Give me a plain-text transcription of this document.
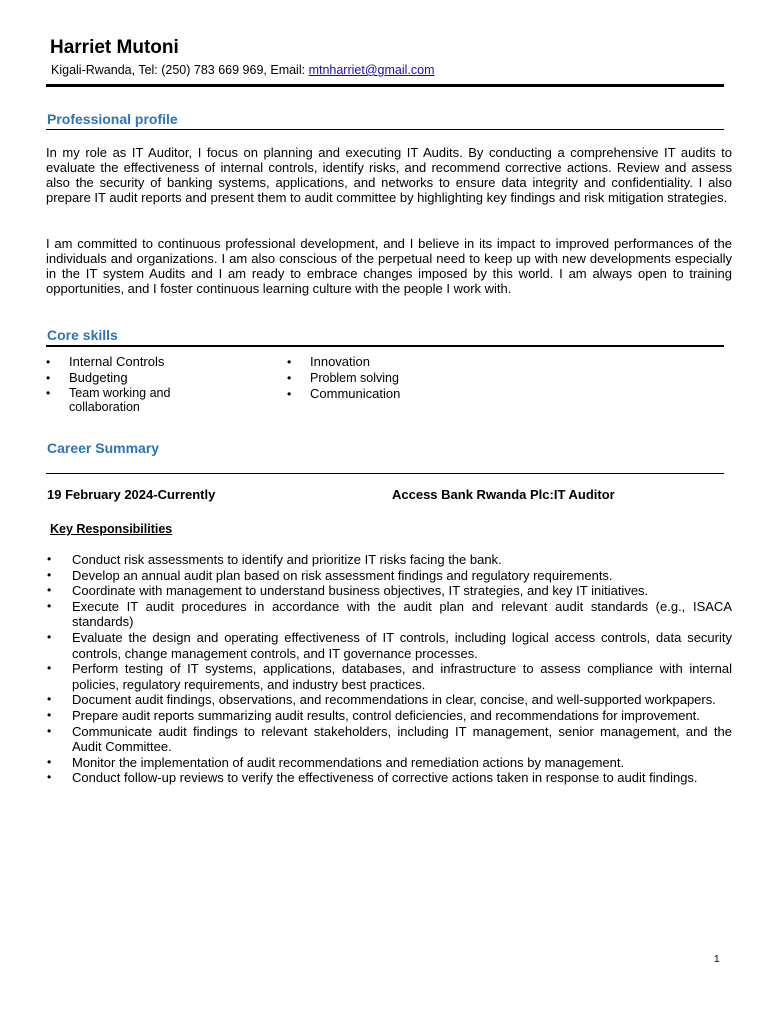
Harriet Mutoni
Kigali-Rwanda, Tel: (250) 783 669 969, Email: mtnharriet@gmail.com
Professional profile

In my role as IT Auditor, I focus on planning and executing IT Audits. By conducting a comprehensive IT audits to evaluate the effectiveness of internal controls, identify risks, and recommend corrective actions. Review and assess also the security of banking systems, applications, and networks to ensure data integrity and confidentiality. I also prepare IT audit reports and present them to audit committee by highlighting key findings and risk mitigation strategies.

I am committed to continuous professional development, and I believe in its impact to improved performances of the individuals and organizations. I am also conscious of the perpetual need to keep up with new developments especially in the IT system Audits and I am ready to embrace changes imposed by this world. I am always open to training opportunities, and I foster continuous learning culture with the people I work with.

Core skills
• Internal Controls
• Budgeting
• Team working and collaboration
• Innovation
• Problem solving
• Communication
Career Summary
19 February 2024-Currently	Access Bank Rwanda Plc:IT Auditor
Key Responsibilities
• Conduct risk assessments to identify and prioritize IT risks facing the bank.
• Develop an annual audit plan based on risk assessment findings and regulatory requirements.
• Coordinate with management to understand business objectives, IT strategies, and key IT initiatives.
• Execute IT audit procedures in accordance with the audit plan and relevant audit standards (e.g., ISACA standards)
• Evaluate the design and operating effectiveness of IT controls, including logical access controls, data security controls, change management controls, and IT governance processes.
• Perform testing of IT systems, applications, databases, and infrastructure to assess compliance with internal policies, regulatory requirements, and industry best practices.
• Document audit findings, observations, and recommendations in clear, concise, and well-supported workpapers.
• Prepare audit reports summarizing audit results, control deficiencies, and recommendations for improvement.
• Communicate audit findings to relevant stakeholders, including IT management, senior management, and the Audit Committee.
• Monitor the implementation of audit recommendations and remediation actions by management.
• Conduct follow-up reviews to verify the effectiveness of corrective actions taken in response to audit findings.
1
